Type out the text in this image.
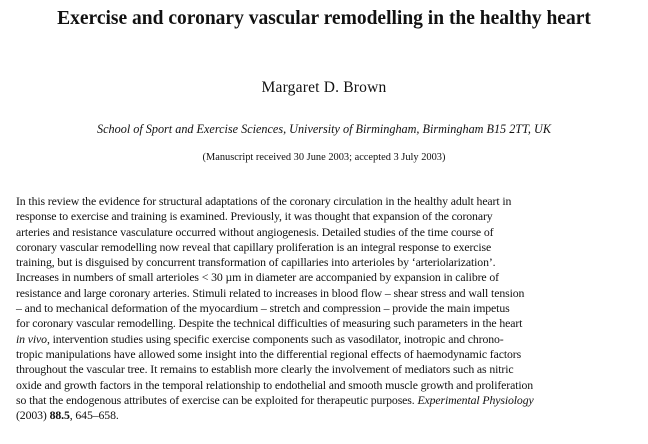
Exercise and coronary vascular remodelling in the healthy heart
Margaret D. Brown
School of Sport and Exercise Sciences, University of Birmingham, Birmingham B15 2TT, UK
(Manuscript received 30 June 2003; accepted 3 July 2003)
In this review the evidence for structural adaptations of the coronary circulation in the healthy adult heart in
response to exercise and training is examined. Previously, it was thought that expansion of the coronary
arteries and resistance vasculature occurred without angiogenesis. Detailed studies of the time course of
coronary vascular remodelling now reveal that capillary proliferation is an integral response to exercise
training, but is disguised by concurrent transformation of capillaries into arterioles by ‘arteriolarization’.
Increases in numbers of small arterioles < 30 µm in diameter are accompanied by expansion in calibre of
resistance and large coronary arteries. Stimuli related to increases in blood flow – shear stress and wall tension
– and to mechanical deformation of the myocardium – stretch and compression – provide the main impetus
for coronary vascular remodelling. Despite the technical difficulties of measuring such parameters in the heart
in vivo, intervention studies using specific exercise components such as vasodilator, inotropic and chrono-
tropic manipulations have allowed some insight into the differential regional effects of haemodynamic factors
throughout the vascular tree. It remains to establish more clearly the involvement of mediators such as nitric
oxide and growth factors in the temporal relationship to endothelial and smooth muscle growth and proliferation
so that the endogenous attributes of exercise can be exploited for therapeutic purposes. Experimental Physiology
(2003) 88.5, 645–658.
